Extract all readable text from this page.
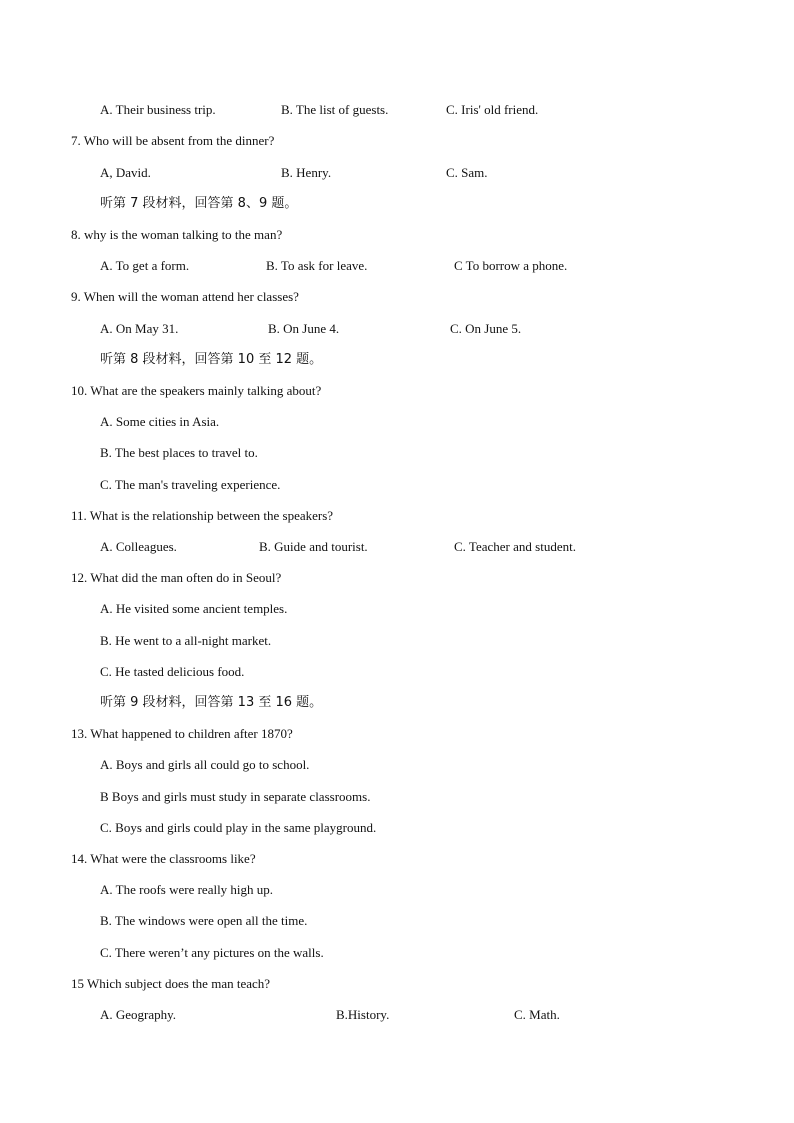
A. Their business trip.	B. The list of guests.	C. Iris' old friend.
7. Who will be absent from the dinner?
A, David.	B. Henry.	C. Sam.
听第 7 段材料，回答第 8、9 题。
8. why is the woman talking to the man?
A. To get a form.	B. To ask for leave.	C To borrow a phone.
9. When will the woman attend her classes?
A. On May 31.	B. On June 4.	C. On June 5.
听第 8 段材料，回答第 10 至 12 题。
10. What are the speakers mainly talking about?
A. Some cities in Asia.
B. The best places to travel to.
C. The man's traveling experience.
11. What is the relationship between the speakers?
A. Colleagues.	B. Guide and tourist.	C. Teacher and student.
12. What did the man often do in Seoul?
A. He visited some ancient temples.
B. He went to a all-night market.
C. He tasted delicious food.
听第 9 段材料，回答第 13 至 16 题。
13. What happened to children after 1870?
A. Boys and girls all could go to school.
B Boys and girls must study in separate classrooms.
C. Boys and girls could play in the same playground.
14. What were the classrooms like?
A. The roofs were really high up.
B. The windows were open all the time.
C. There weren’t any pictures on the walls.
15 Which subject does the man teach?
A. Geography.	B.History.	C. Math.
